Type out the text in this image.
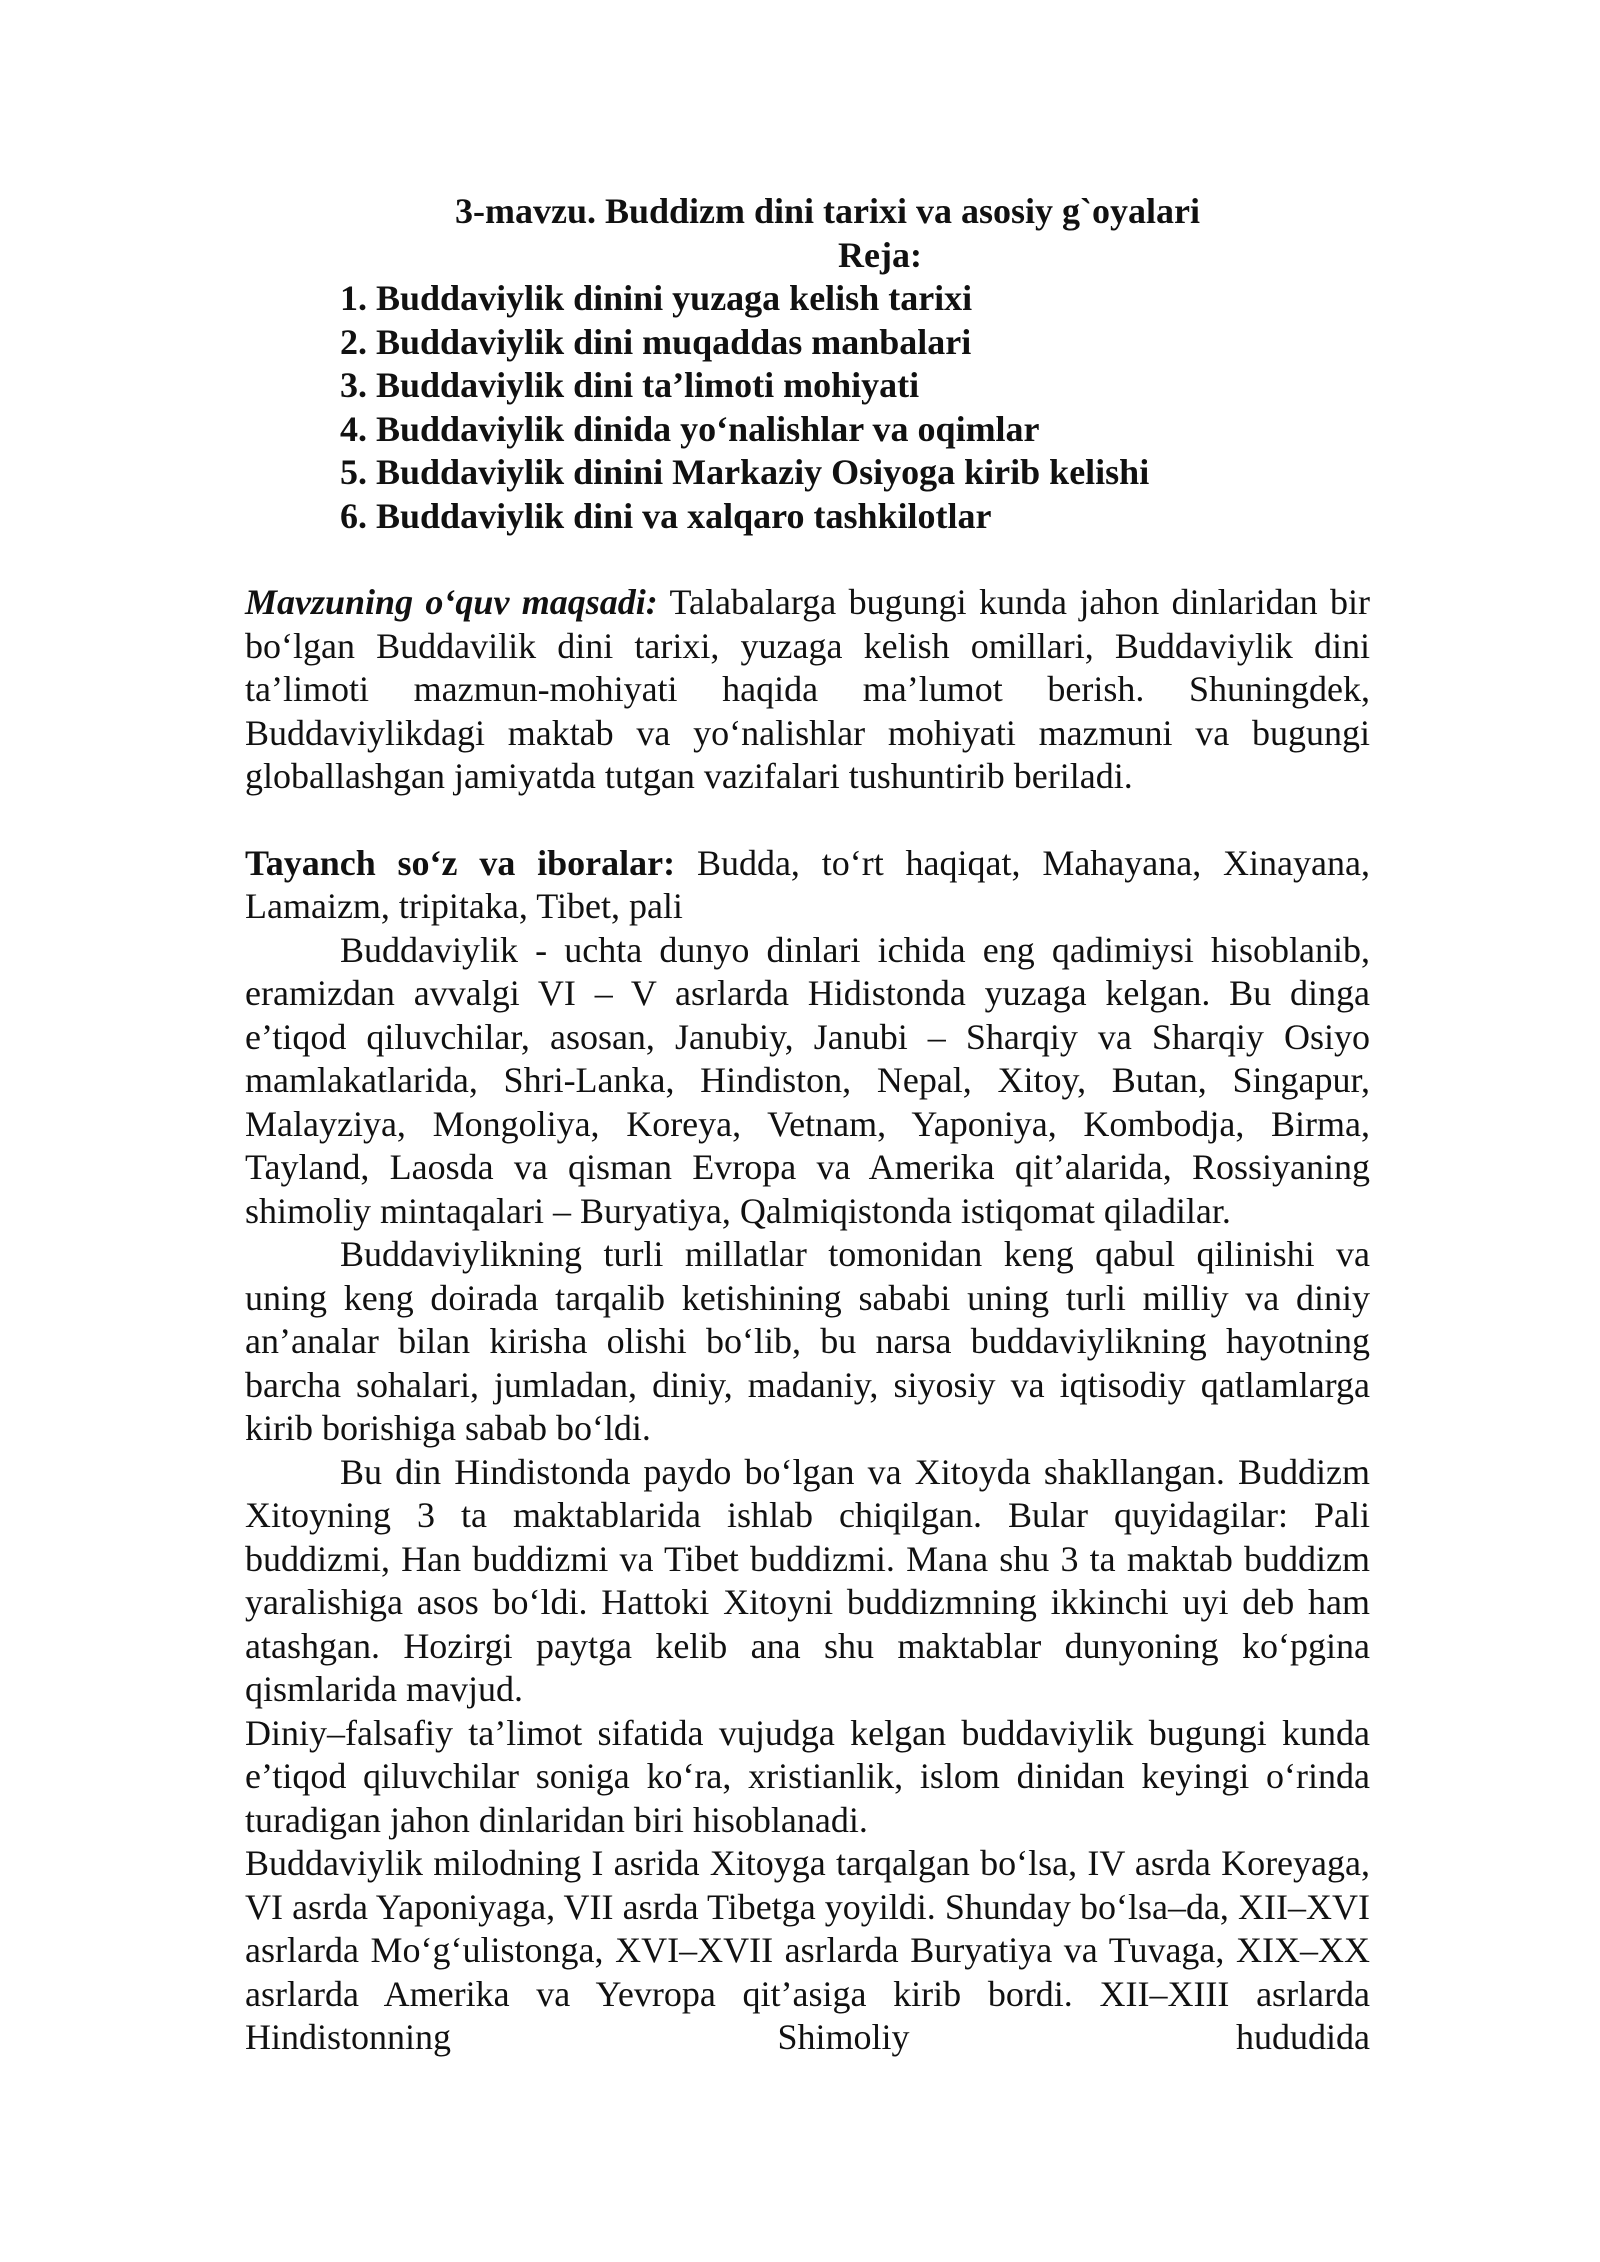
3-mavzu. Buddizm dini tarixi va asosiy g`oyalari

Reja:

1. Buddaviylik dinini yuzaga kelish tarixi
2. Buddaviylik dini muqaddas manbalari
3. Buddaviylik dini ta’limoti mohiyati
4. Buddaviylik dinida yo‘nalishlar va oqimlar
5. Buddaviylik dinini Markaziy Osiyoga kirib kelishi
6. Buddaviylik dini va xalqaro tashkilotlar

Mavzuning o‘quv maqsadi: Talabalarga bugungi kunda jahon dinlaridan bir bo‘lgan Buddavilik dini tarixi, yuzaga kelish omillari, Buddaviylik dini ta’limoti mazmun-mohiyati haqida ma’lumot berish. Shuningdek, Buddaviylikdagi maktab va yo‘nalishlar mohiyati mazmuni va bugungi globallashgan jamiyatda tutgan vazifalari tushuntirib beriladi.

Tayanch so‘z va iboralar: Budda, to‘rt haqiqat, Mahayana, Xinayana, Lamaizm, tripitaka, Tibet, pali

Buddaviylik - uchta dunyo dinlari ichida eng qadimiysi hisoblanib, eramizdan avvalgi VI – V asrlarda Hidistonda yuzaga kelgan. Bu dinga e’tiqod qiluvchilar, asosan, Janubiy, Janubi – Sharqiy va Sharqiy Osiyo mamlakatlarida, Shri-Lanka, Hindiston, Nepal, Xitoy, Butan, Singapur, Malayziya, Mongoliya, Koreya, Vetnam, Yaponiya, Kombodja, Birma, Tayland, Laosda va qisman Evropa va Amerika qit’alarida, Rossiyaning shimoliy mintaqalari – Buryatiya, Qalmiqistonda istiqomat qiladilar.

Buddaviylikning turli millatlar tomonidan keng qabul qilinishi va uning keng doirada tarqalib ketishining sababi uning turli milliy va diniy an’analar bilan kirisha olishi bo‘lib, bu narsa buddaviylikning hayotning barcha sohalari, jumladan, diniy, madaniy, siyosiy va iqtisodiy qatlamlarga kirib borishiga sabab bo‘ldi.

Bu din Hindistonda paydo bo‘lgan va Xitoyda shakllangan. Buddizm Xitoyning 3 ta maktablarida ishlab chiqilgan. Bular quyidagilar: Pali buddizmi, Han buddizmi va Tibet buddizmi. Mana shu 3 ta maktab buddizm yaralishiga asos bo‘ldi. Hattoki Xitoyni buddizmning ikkinchi uyi deb ham atashgan. Hozirgi paytga kelib ana shu maktablar dunyoning ko‘pgina qismlarida mavjud.

Diniy–falsafiy ta’limot sifatida vujudga kelgan buddaviylik bugungi kunda e’tiqod qiluvchilar soniga ko‘ra, xristianlik, islom dinidan keyingi o‘rinda turadigan jahon dinlaridan biri hisoblanadi.

Buddaviylik milodning I asrida Xitoyga tarqalgan bo‘lsa, IV asrda Koreyaga, VI asrda Yaponiyaga, VII asrda Tibetga yoyildi. Shunday bo‘lsa–da, XII–XVI asrlarda Mo‘g‘ulistonga, XVI–XVII asrlarda Buryatiya va Tuvaga, XIX–XX asrlarda Amerika va Yevropa qit’asiga kirib bordi. XII–XIII asrlarda Hindistonning Shimoliy hududida
